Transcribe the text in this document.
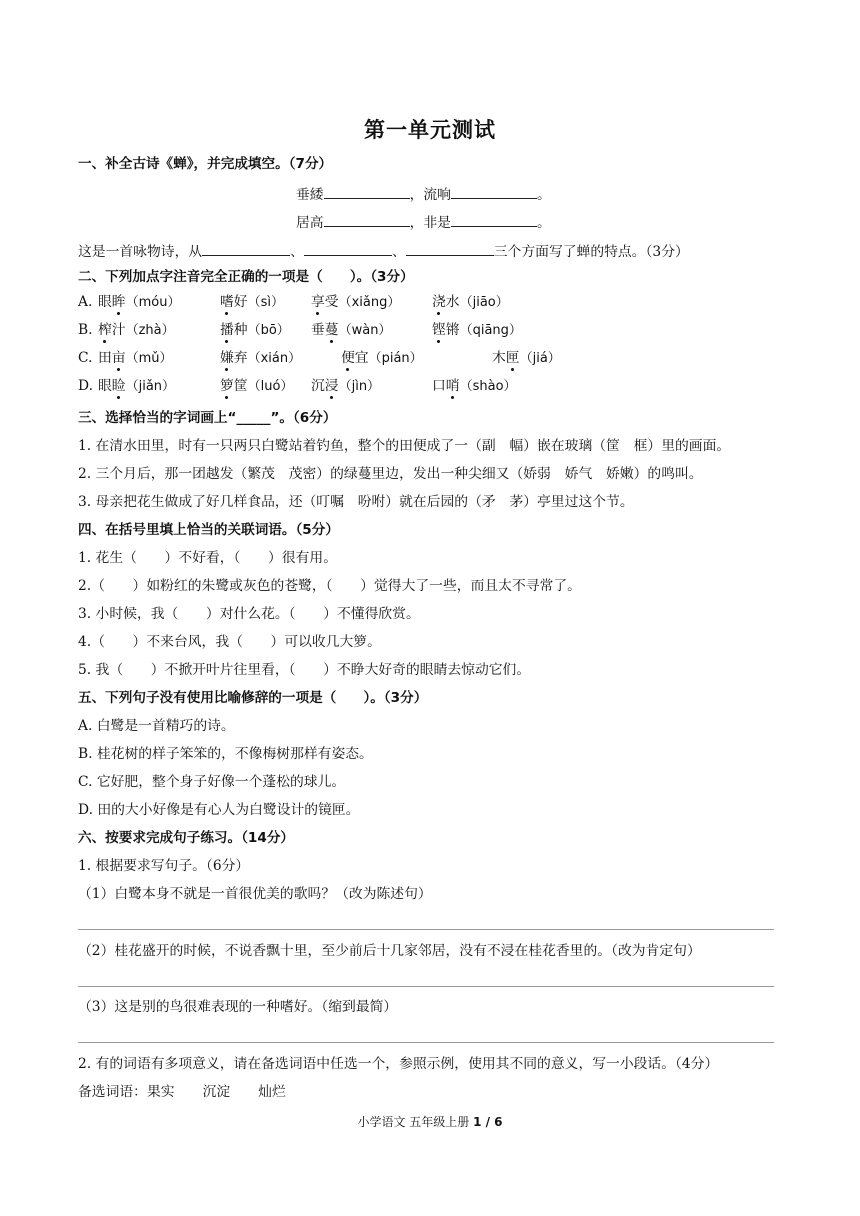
第一单元测试
一、补全古诗《蝉》，并完成填空。（7分）
垂緌	，流响	。
居高	，非是	。
这是一首咏物诗，从	、	、	三个方面写了蝉的特点。（3分）
二、下列加点字注音完全正确的一项是（　　）。（3分）
A. 眼眸（móu）	嗜好（sì） 享受（xiǎng） 浇水（jiāo）
B. 榨汁（zhà）	播种（bō） 垂蔓（wàn）	铿锵（qiāng）
C. 田亩（mǔ）	嫌弃（xián）	便宜（pián）	木匣（jiá）
D. 眼睑（jiǎn）	箩筐（luó） 沉浸（jìn）	口哨（shào）
三、选择恰当的字词画上“_____”。（6分）
1. 在清水田里，时有一只两只白鹭站着钓鱼，整个的田便成了一（副　幅）嵌在玻璃（筐　框）里的画面。
2. 三个月后，那一团越发（繁茂　茂密）的绿蔓里边，发出一种尖细又（娇弱　娇气　娇嫩）的鸣叫。
3. 母亲把花生做成了好几样食品，还（叮嘱　吩咐）就在后园的（矛　茅）亭里过这个节。
四、在括号里填上恰当的关联词语。（5分）
1. 花生（　　）不好看，（　　）很有用。
2.（　　）如粉红的朱鹭或灰色的苍鹭，（　　）觉得大了一些，而且太不寻常了。
3. 小时候，我（　　）对什么花。（　　）不懂得欣赏。
4.（　　）不来台风，我（　　）可以收几大箩。
5. 我（　　）不掀开叶片往里看，（　　）不睁大好奇的眼睛去惊动它们。
五、下列句子没有使用比喻修辞的一项是（　　）。（3分）
A. 白鹭是一首精巧的诗。
B. 桂花树的样子笨笨的，不像梅树那样有姿态。
C. 它好肥，整个身子好像一个蓬松的球儿。
D. 田的大小好像是有心人为白鹭设计的镜匣。
六、按要求完成句子练习。（14分）
1. 根据要求写句子。（6分）
（1）白鹭本身不就是一首很优美的歌吗？（改为陈述句）
（2）桂花盛开的时候，不说香飘十里，至少前后十几家邻居，没有不浸在桂花香里的。（改为肯定句）
（3）这是别的鸟很难表现的一种嗜好。（缩到最简）
2. 有的词语有多项意义，请在备选词语中任选一个，参照示例，使用其不同的意义，写一小段话。（4分）
备选词语：果实 沉淀 灿烂
小学语文 五年级上册 1 / 6
